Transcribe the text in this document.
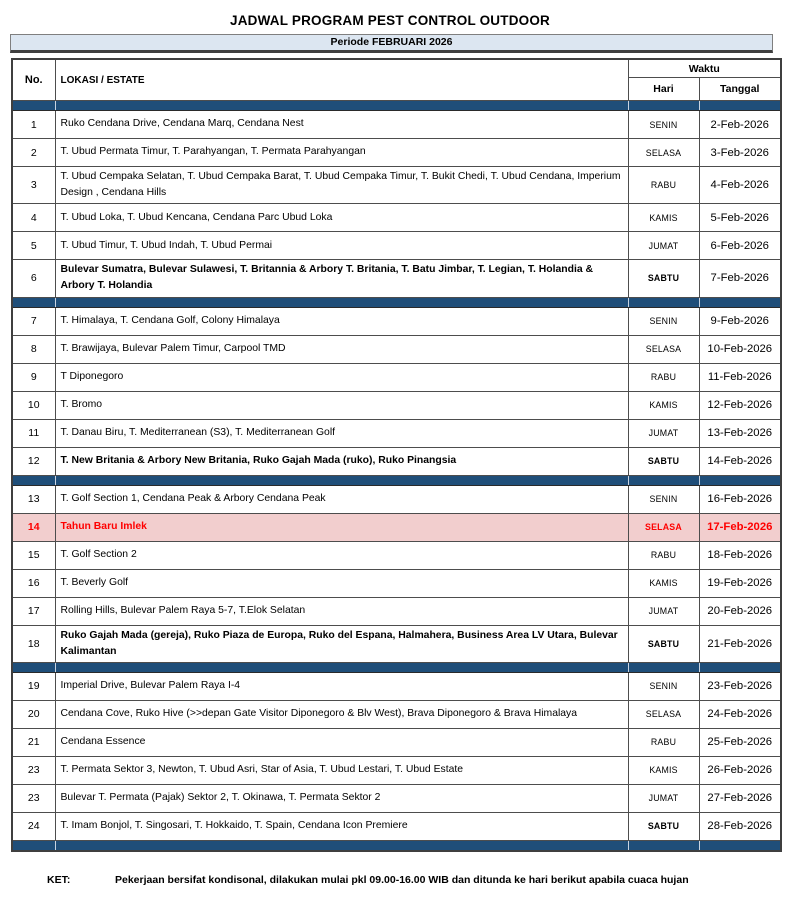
JADWAL PROGRAM PEST CONTROL OUTDOOR
Periode FEBRUARI 2026
No.	LOKASI / ESTATE	Waktu	
		Hari	Tanggal

1	Ruko Cendana Drive, Cendana Marq, Cendana Nest	SENIN	2-Feb-2026
2	T. Ubud Permata Timur, T. Parahyangan, T. Permata Parahyangan	SELASA	3-Feb-2026
3	T. Ubud Cempaka Selatan, T. Ubud Cempaka Barat, T. Ubud Cempaka Timur, T. Bukit Chedi, T. Ubud Cendana, Imperium Design , Cendana Hills	RABU	4-Feb-2026
4	T. Ubud Loka, T. Ubud Kencana, Cendana Parc Ubud Loka	KAMIS	5-Feb-2026
5	T. Ubud Timur, T. Ubud Indah, T. Ubud Permai	JUMAT	6-Feb-2026
6	Bulevar Sumatra, Bulevar Sulawesi, T. Britannia & Arbory T. Britania, T. Batu Jimbar, T. Legian, T. Holandia & Arbory T. Holandia	SABTU	7-Feb-2026

7	T. Himalaya, T. Cendana Golf, Colony Himalaya	SENIN	9-Feb-2026
8	T. Brawijaya, Bulevar Palem Timur, Carpool TMD	SELASA	10-Feb-2026
9	T Diponegoro	RABU	11-Feb-2026
10	T. Bromo	KAMIS	12-Feb-2026
11	T. Danau Biru, T. Mediterranean (S3), T. Mediterranean Golf	JUMAT	13-Feb-2026
12	T. New Britania & Arbory New Britania, Ruko Gajah Mada (ruko), Ruko Pinangsia	SABTU	14-Feb-2026

13	T. Golf Section 1, Cendana Peak & Arbory Cendana Peak	SENIN	16-Feb-2026
14	Tahun Baru Imlek	SELASA	17-Feb-2026
15	T. Golf Section 2	RABU	18-Feb-2026
16	T. Beverly Golf	KAMIS	19-Feb-2026
17	Rolling Hills, Bulevar Palem Raya 5-7, T.Elok Selatan	JUMAT	20-Feb-2026
18	Ruko Gajah Mada (gereja), Ruko Piaza de Europa, Ruko del Espana, Halmahera, Business Area LV Utara, Bulevar Kalimantan	SABTU	21-Feb-2026

19	Imperial Drive, Bulevar Palem Raya I-4	SENIN	23-Feb-2026
20	Cendana Cove, Ruko Hive (>>depan Gate Visitor Diponegoro & Blv West), Brava Diponegoro & Brava Himalaya	SELASA	24-Feb-2026
21	Cendana Essence	RABU	25-Feb-2026
23	T. Permata Sektor 3, Newton, T. Ubud Asri, Star of Asia, T. Ubud Lestari, T. Ubud Estate	KAMIS	26-Feb-2026
23	Bulevar T. Permata (Pajak) Sektor 2, T. Okinawa, T. Permata Sektor 2	JUMAT	27-Feb-2026
24	T. Imam Bonjol, T. Singosari, T. Hokkaido, T. Spain, Cendana Icon Premiere	SABTU	28-Feb-2026

KET:	Pekerjaan bersifat kondisonal, dilakukan mulai pkl 09.00-16.00 WIB dan ditunda ke hari berikut apabila cuaca hujan
